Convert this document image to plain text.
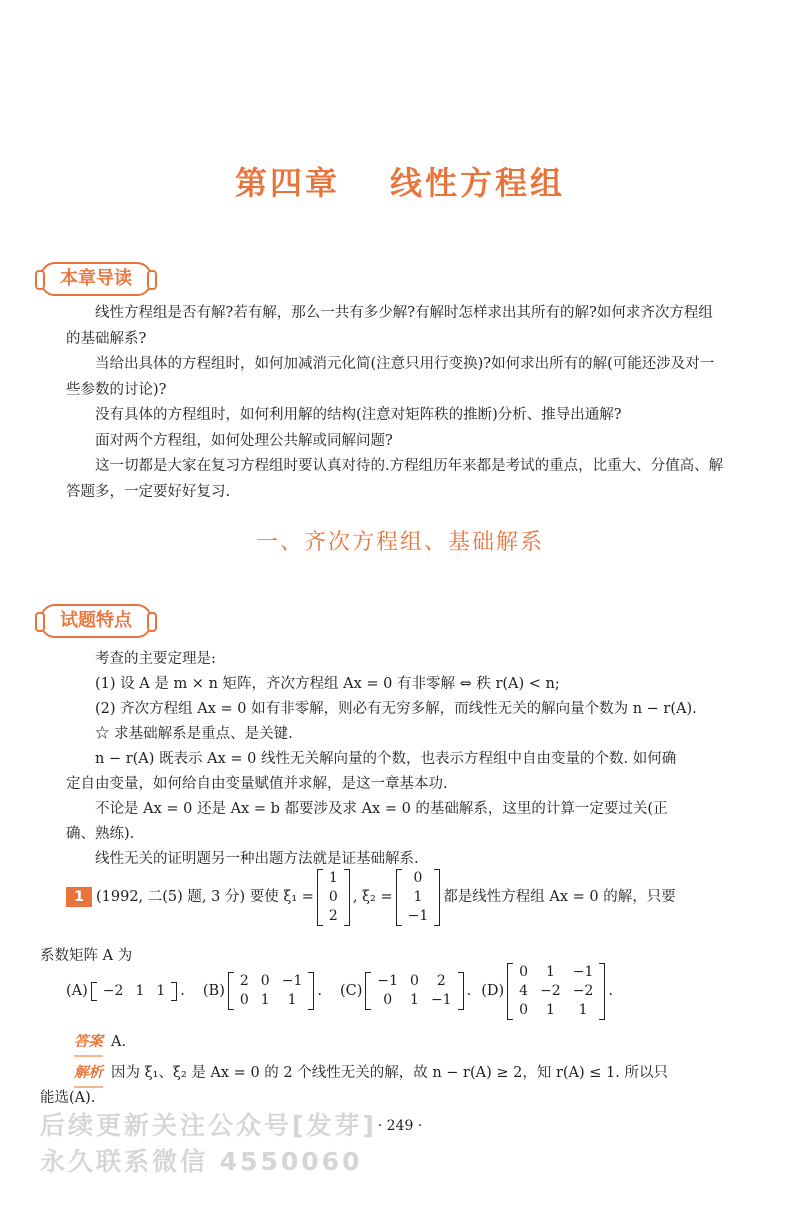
第四章 线性方程组
本章导读

线性方程组是否有解?若有解，那么一共有多少解?有解时怎样求出其所有的解?如何求齐次方程组的基础解系?

当给出具体的方程组时，如何加减消元化简(注意只用行变换)?如何求出所有的解(可能还涉及对一些参数的讨论)?

没有具体的方程组时，如何利用解的结构(注意对矩阵秩的推断)分析、推导出通解?

面对两个方程组，如何处理公共解或同解问题?

这一切都是大家在复习方程组时要认真对待的.方程组历年来都是考试的重点，比重大、分值高、解答题多，一定要好好复习.

一、齐次方程组、基础解系
试题特点
考查的主要定理是:
(1) 设 A 是 m × n 矩阵，齐次方程组 Ax = 0 有非零解 ⇔ 秩 r(A) < n;
(2) 齐次方程组 Ax = 0 如有非零解，则必有无穷多解，而线性无关的解向量个数为 n − r(A).
☆ 求基础解系是重点、是关键.
n − r(A) 既表示 Ax = 0 线性无关解向量的个数，也表示方程组中自由变量的个数. 如何确
定自由变量，如何给自由变量赋值并求解，是这一章基本功.
不论是 Ax = 0 还是 Ax = b 都要涉及求 Ax = 0 的基础解系，这里的计算一定要过关(正
确、熟练).
线性无关的证明题另一种出题方法就是证基础解系.
1 (1992, 二(5) 题, 3 分) 要使 ξ₁ =
1
0
2
, ξ₂ =
0
1
−1
都是线性方程组 Ax = 0 的解，只要
系数矩阵 A 为
(A) −2	1	1 . (B)
2	0	−1
0	1	1
. (C)
−1	0	2
0	1	−1
. (D)
0	1	−1
4	−2	−2
0	1	1
.
答案 A.
解析 因为 ξ₁、ξ₂ 是 Ax = 0 的 2 个线性无关的解，故 n − r(A) ≥ 2，知 r(A) ≤ 1. 所以只
能选(A).
· 249 ·
后续更新关注公众号[发芽]
永久联系微信 4550060
